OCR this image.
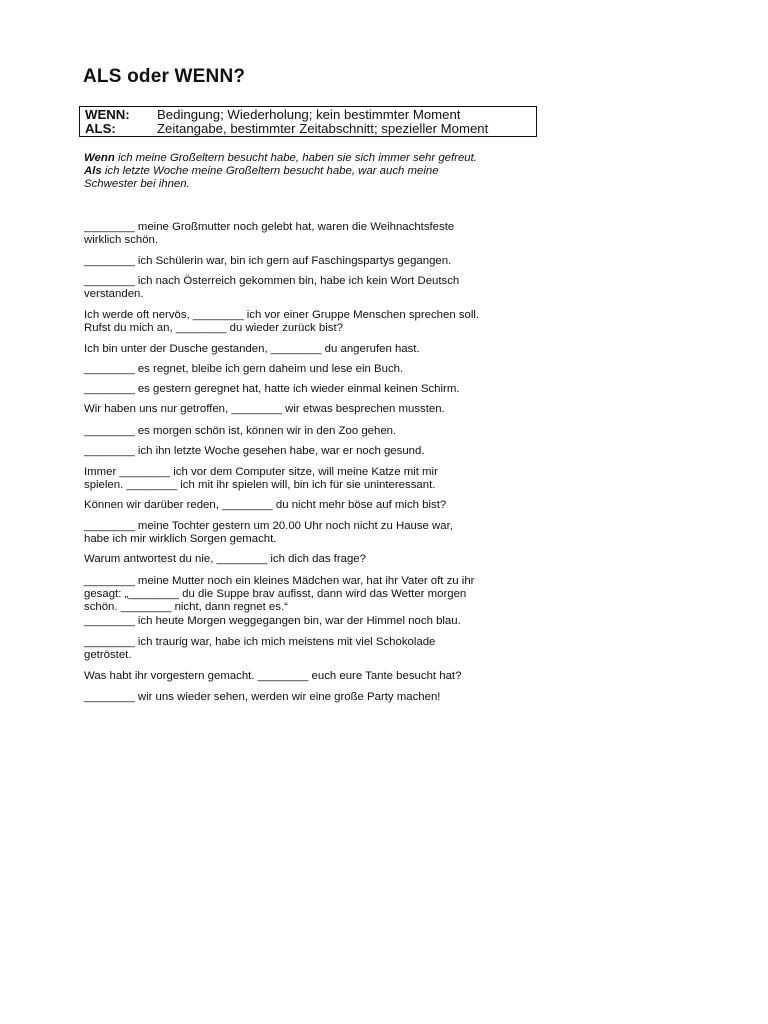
ALS oder WENN?
WENN: Bedingung; Wiederholung; kein bestimmter Moment
ALS:	Zeitangabe, bestimmter Zeitabschnitt; spezieller Moment

Wenn ich meine Großeltern besucht habe, haben sie sich immer sehr gefreut.

Als ich letzte Woche meine Großeltern besucht habe, war auch meine

Schwester bei ihnen.

________ meine Großmutter noch gelebt hat, waren die Weihnachtsfeste

wirklich schön.

________ ich Schülerin war, bin ich gern auf Faschingspartys gegangen.

________ ich nach Österreich gekommen bin, habe ich kein Wort Deutsch

verstanden.

Ich werde oft nervös, ________ ich vor einer Gruppe Menschen sprechen soll.

Rufst du mich an, ________ du wieder zurück bist?

Ich bin unter der Dusche gestanden, ________ du angerufen hast.

________ es regnet, bleibe ich gern daheim und lese ein Buch.

________ es gestern geregnet hat, hatte ich wieder einmal keinen Schirm.

Wir haben uns nur getroffen, ________ wir etwas besprechen mussten.

________ es morgen schön ist, können wir in den Zoo gehen.

________ ich ihn letzte Woche gesehen habe, war er noch gesund.

Immer ________ ich vor dem Computer sitze, will meine Katze mit mir

spielen. ________ ich mit ihr spielen will, bin ich für sie uninteressant.

Können wir darüber reden, ________ du nicht mehr böse auf mich bist?

________ meine Tochter gestern um 20.00 Uhr noch nicht zu Hause war,

habe ich mir wirklich Sorgen gemacht.

Warum antwortest du nie, ________ ich dich das frage?

________ meine Mutter noch ein kleines Mädchen war, hat ihr Vater oft zu ihr

gesagt: „________ du die Suppe brav aufisst, dann wird das Wetter morgen

schön. ________ nicht, dann regnet es.“

________ ich heute Morgen weggegangen bin, war der Himmel noch blau.

________ ich traurig war, habe ich mich meistens mit viel Schokolade

getröstet.

Was habt ihr vorgestern gemacht. ________ euch eure Tante besucht hat?

________ wir uns wieder sehen, werden wir eine große Party machen!
